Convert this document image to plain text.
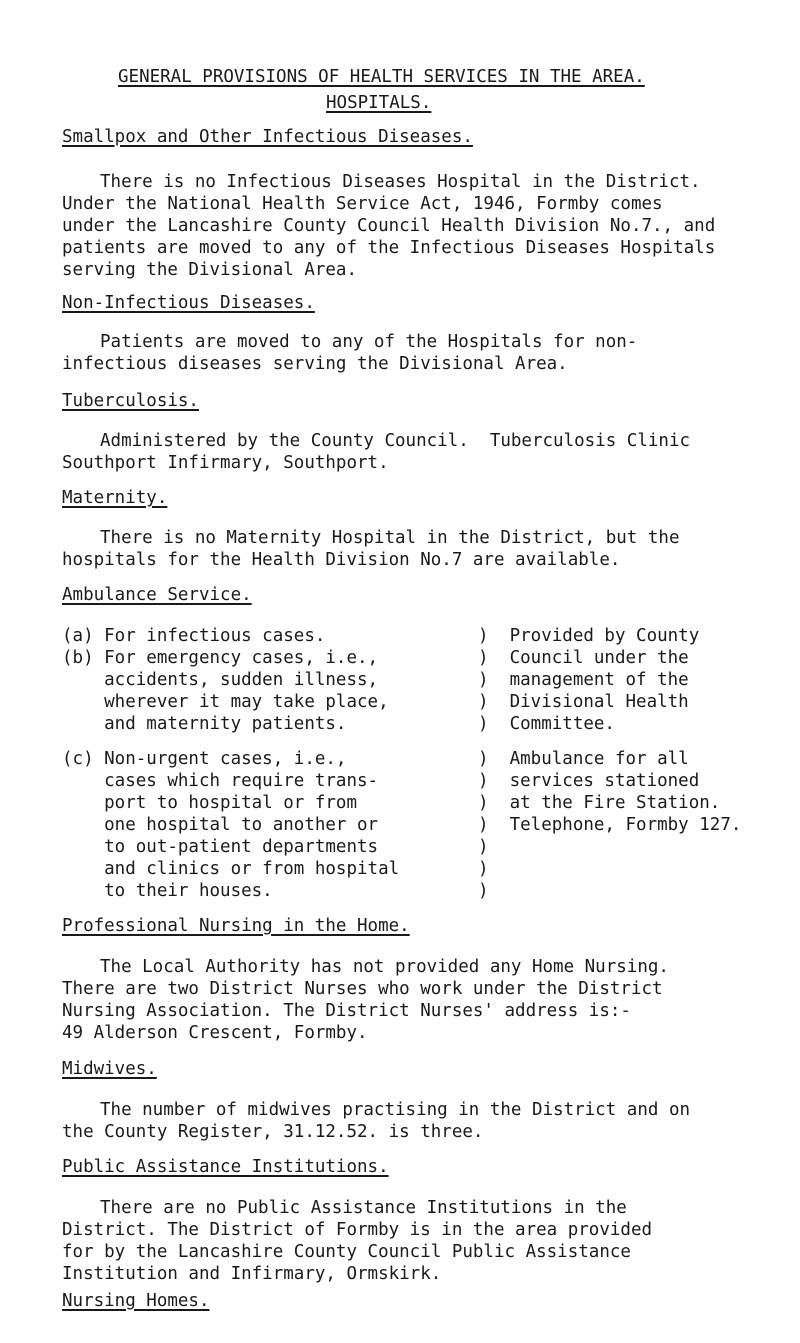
GENERAL PROVISIONS OF HEALTH SERVICES IN THE AREA.
HOSPITALS.
Smallpox and Other Infectious Diseases.
There is no Infectious Diseases Hospital in the District.
Under the National Health Service Act, 1946, Formby comes
under the Lancashire County Council Health Division No.7., and
patients are moved to any of the Infectious Diseases Hospitals
serving the Divisional Area.
Non-Infectious Diseases.
Patients are moved to any of the Hospitals for non-
infectious diseases serving the Divisional Area.
Tuberculosis.
Administered by the County Council.  Tuberculosis Clinic
Southport Infirmary, Southport.
Maternity.
There is no Maternity Hospital in the District, but the
hospitals for the Health Division No.7 are available.
Ambulance Service.
(a) For infectious cases.
(b) For emergency cases, i.e.,
accidents, sudden illness,
wherever it may take place,
and maternity patients.
)  Provided by County
)  Council under the
)  management of the
)  Divisional Health
)  Committee.
(c) Non-urgent cases, i.e.,
cases which require trans-
port to hospital or from
one hospital to another or
to out-patient departments
and clinics or from hospital
to their houses.
)  Ambulance for all
)  services stationed
)  at the Fire Station.
)  Telephone, Formby 127.
)
)
)
Professional Nursing in the Home.
The Local Authority has not provided any Home Nursing.
There are two District Nurses who work under the District
Nursing Association. The District Nurses' address is:-
49 Alderson Crescent, Formby.
Midwives.
The number of midwives practising in the District and on
the County Register, 31.12.52. is three.
Public Assistance Institutions.
There are no Public Assistance Institutions in the
District. The District of Formby is in the area provided
for by the Lancashire County Council Public Assistance
Institution and Infirmary, Ormskirk.
Nursing Homes.
